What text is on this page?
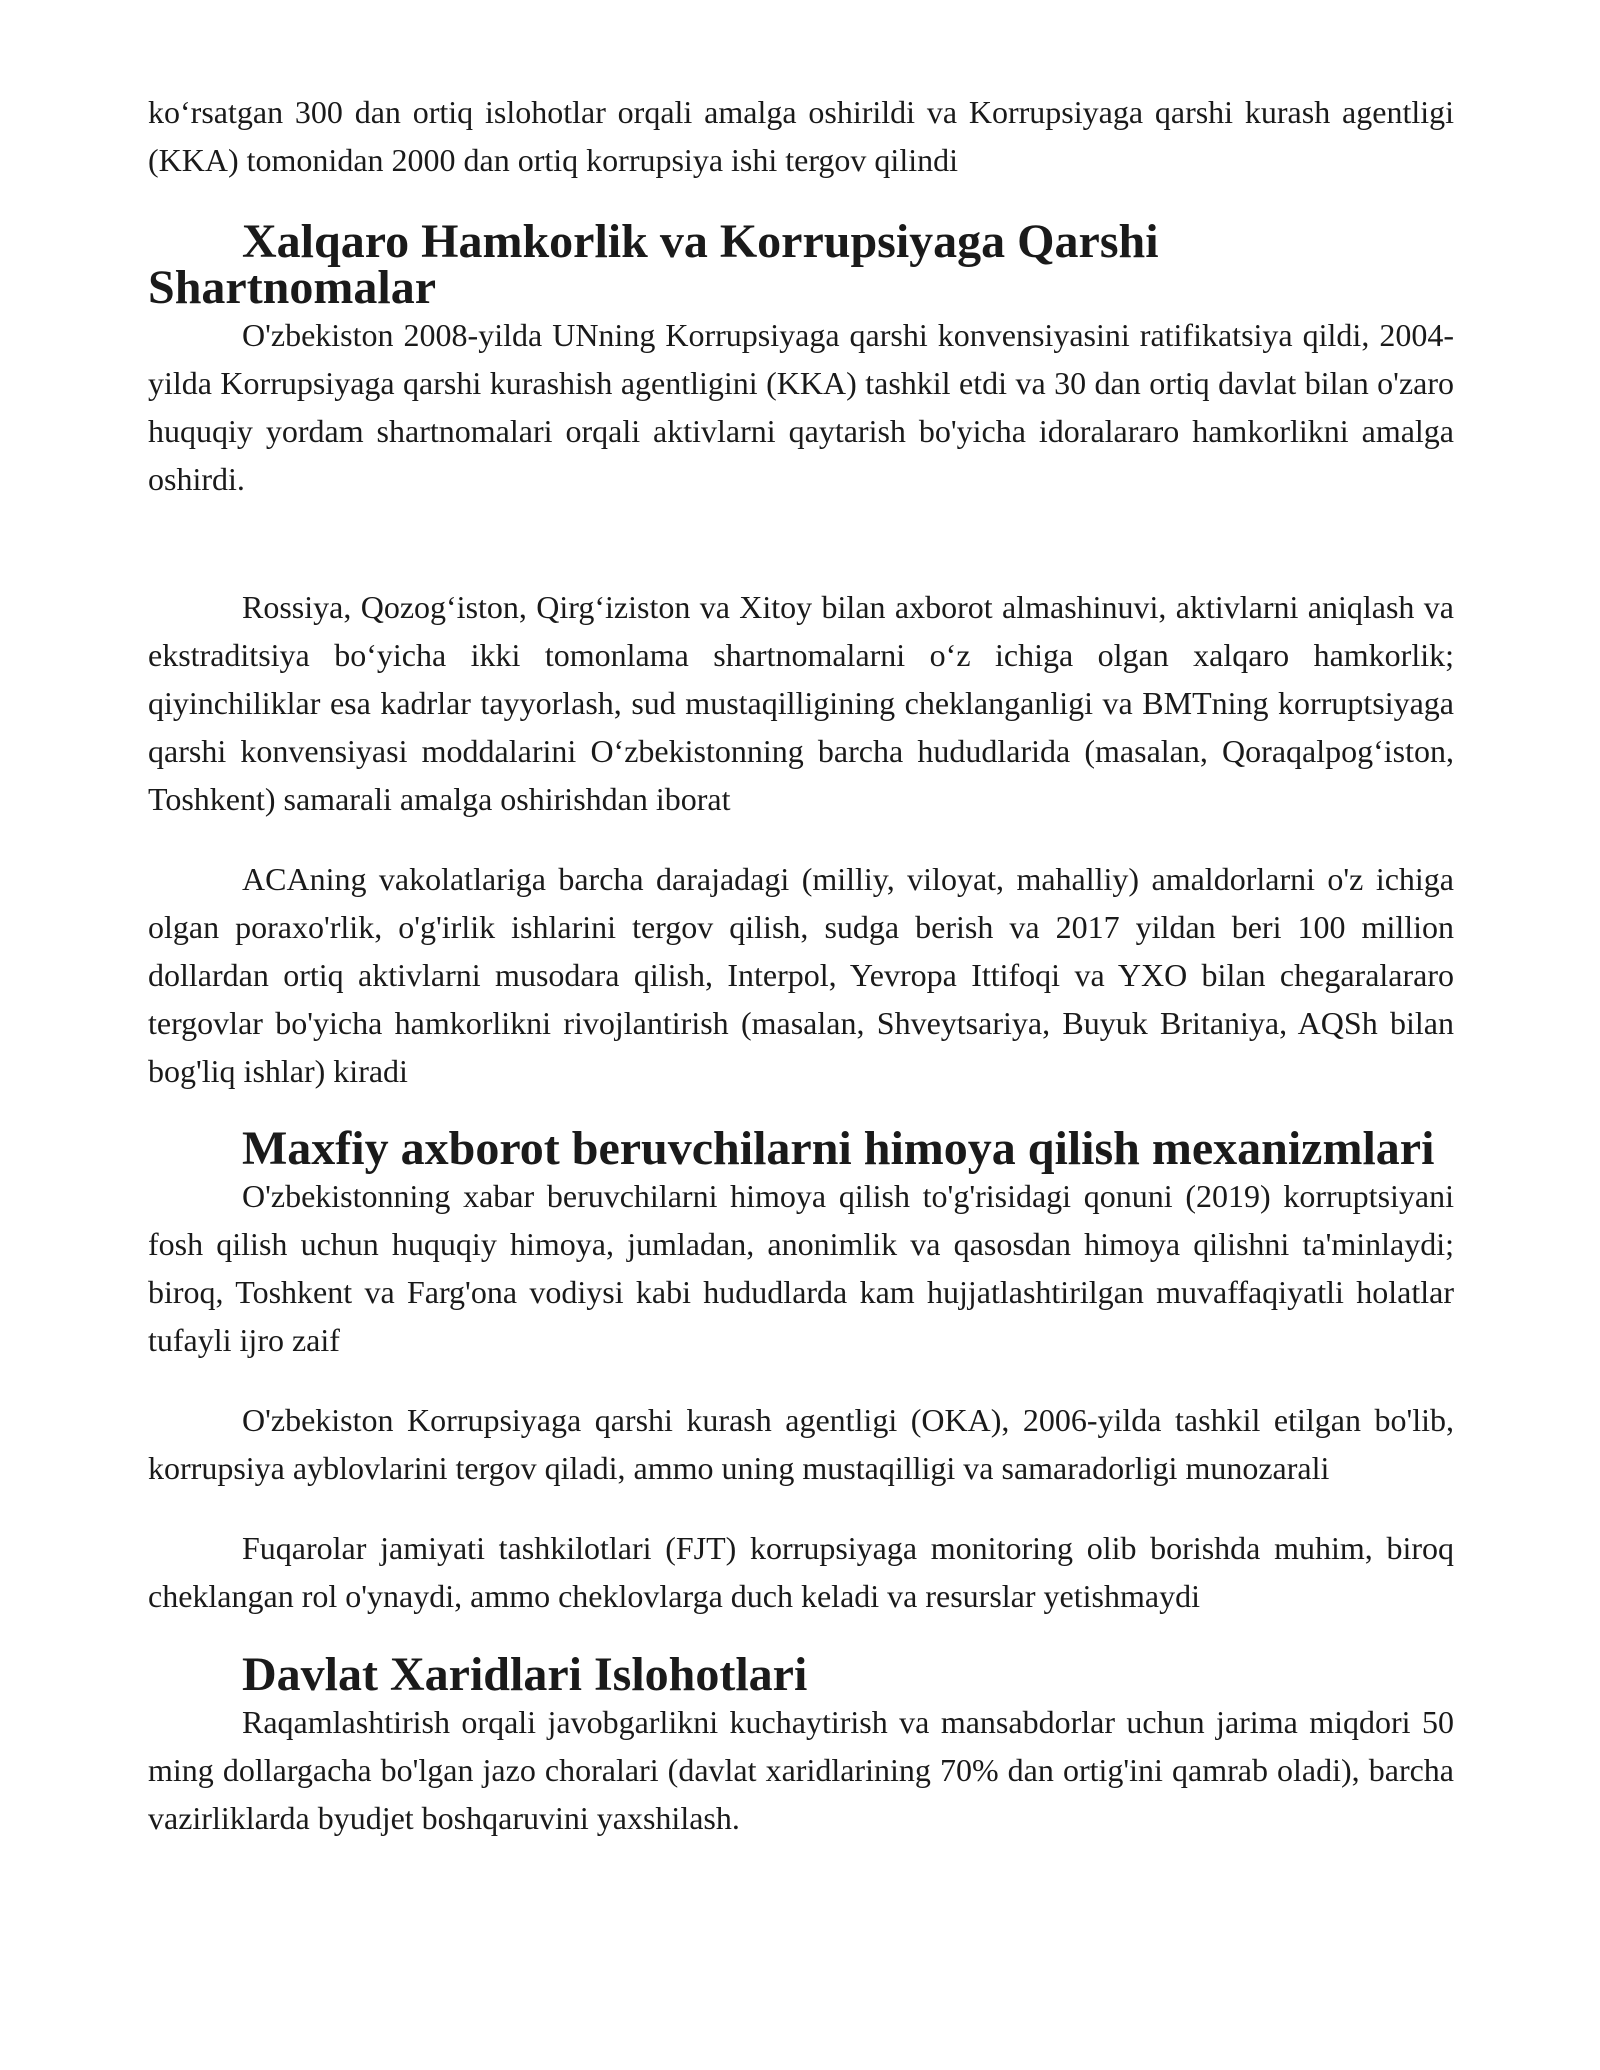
ko‘rsatgan 300 dan ortiq islohotlar orqali amalga oshirildi va Korrupsiyaga qarshi kurash agentligi (KKA) tomonidan 2000 dan ortiq korrupsiya ishi tergov qilindi

Xalqaro Hamkorlik va Korrupsiyaga Qarshi Shartnomalar

O'zbekiston 2008-yilda UNning Korrupsiyaga qarshi konvensiyasini ratifikatsiya qildi, 2004-yilda Korrupsiyaga qarshi kurashish agentligini (KKA) tashkil etdi va 30 dan ortiq davlat bilan o'zaro huquqiy yordam shartnomalari orqali aktivlarni qaytarish bo'yicha idoralararo hamkorlikni amalga oshirdi.

Rossiya, Qozog‘iston, Qirg‘iziston va Xitoy bilan axborot almashinuvi, aktivlarni aniqlash va ekstraditsiya bo‘yicha ikki tomonlama shartnomalarni o‘z ichiga olgan xalqaro hamkorlik; qiyinchiliklar esa kadrlar tayyorlash, sud mustaqilligining cheklanganligi va BMTning korruptsiyaga qarshi konvensiyasi moddalarini O‘zbekistonning barcha hududlarida (masalan, Qoraqalpog‘iston, Toshkent) samarali amalga oshirishdan iborat

ACAning vakolatlariga barcha darajadagi (milliy, viloyat, mahalliy) amaldorlarni o'z ichiga olgan poraxo'rlik, o'g'irlik ishlarini tergov qilish, sudga berish va 2017 yildan beri 100 million dollardan ortiq aktivlarni musodara qilish, Interpol, Yevropa Ittifoqi va YXO bilan chegaralararo tergovlar bo'yicha hamkorlikni rivojlantirish (masalan, Shveytsariya, Buyuk Britaniya, AQSh bilan bog'liq ishlar) kiradi

Maxfiy axborot beruvchilarni himoya qilish mexanizmlari

O'zbekistonning xabar beruvchilarni himoya qilish to'g'risidagi qonuni (2019) korruptsiyani fosh qilish uchun huquqiy himoya, jumladan, anonimlik va qasosdan himoya qilishni ta'minlaydi; biroq, Toshkent va Farg'ona vodiysi kabi hududlarda kam hujjatlashtirilgan muvaffaqiyatli holatlar tufayli ijro zaif

O'zbekiston Korrupsiyaga qarshi kurash agentligi (OKA), 2006-yilda tashkil etilgan bo'lib, korrupsiya ayblovlarini tergov qiladi, ammo uning mustaqilligi va samaradorligi munozarali

Fuqarolar jamiyati tashkilotlari (FJT) korrupsiyaga monitoring olib borishda muhim, biroq cheklangan rol o'ynaydi, ammo cheklovlarga duch keladi va resurslar yetishmaydi

Davlat Xaridlari Islohotlari

Raqamlashtirish orqali javobgarlikni kuchaytirish va mansabdorlar uchun jarima miqdori 50 ming dollargacha bo'lgan jazo choralari (davlat xaridlarining 70% dan ortig'ini qamrab oladi), barcha vazirliklarda byudjet boshqaruvini yaxshilash.
